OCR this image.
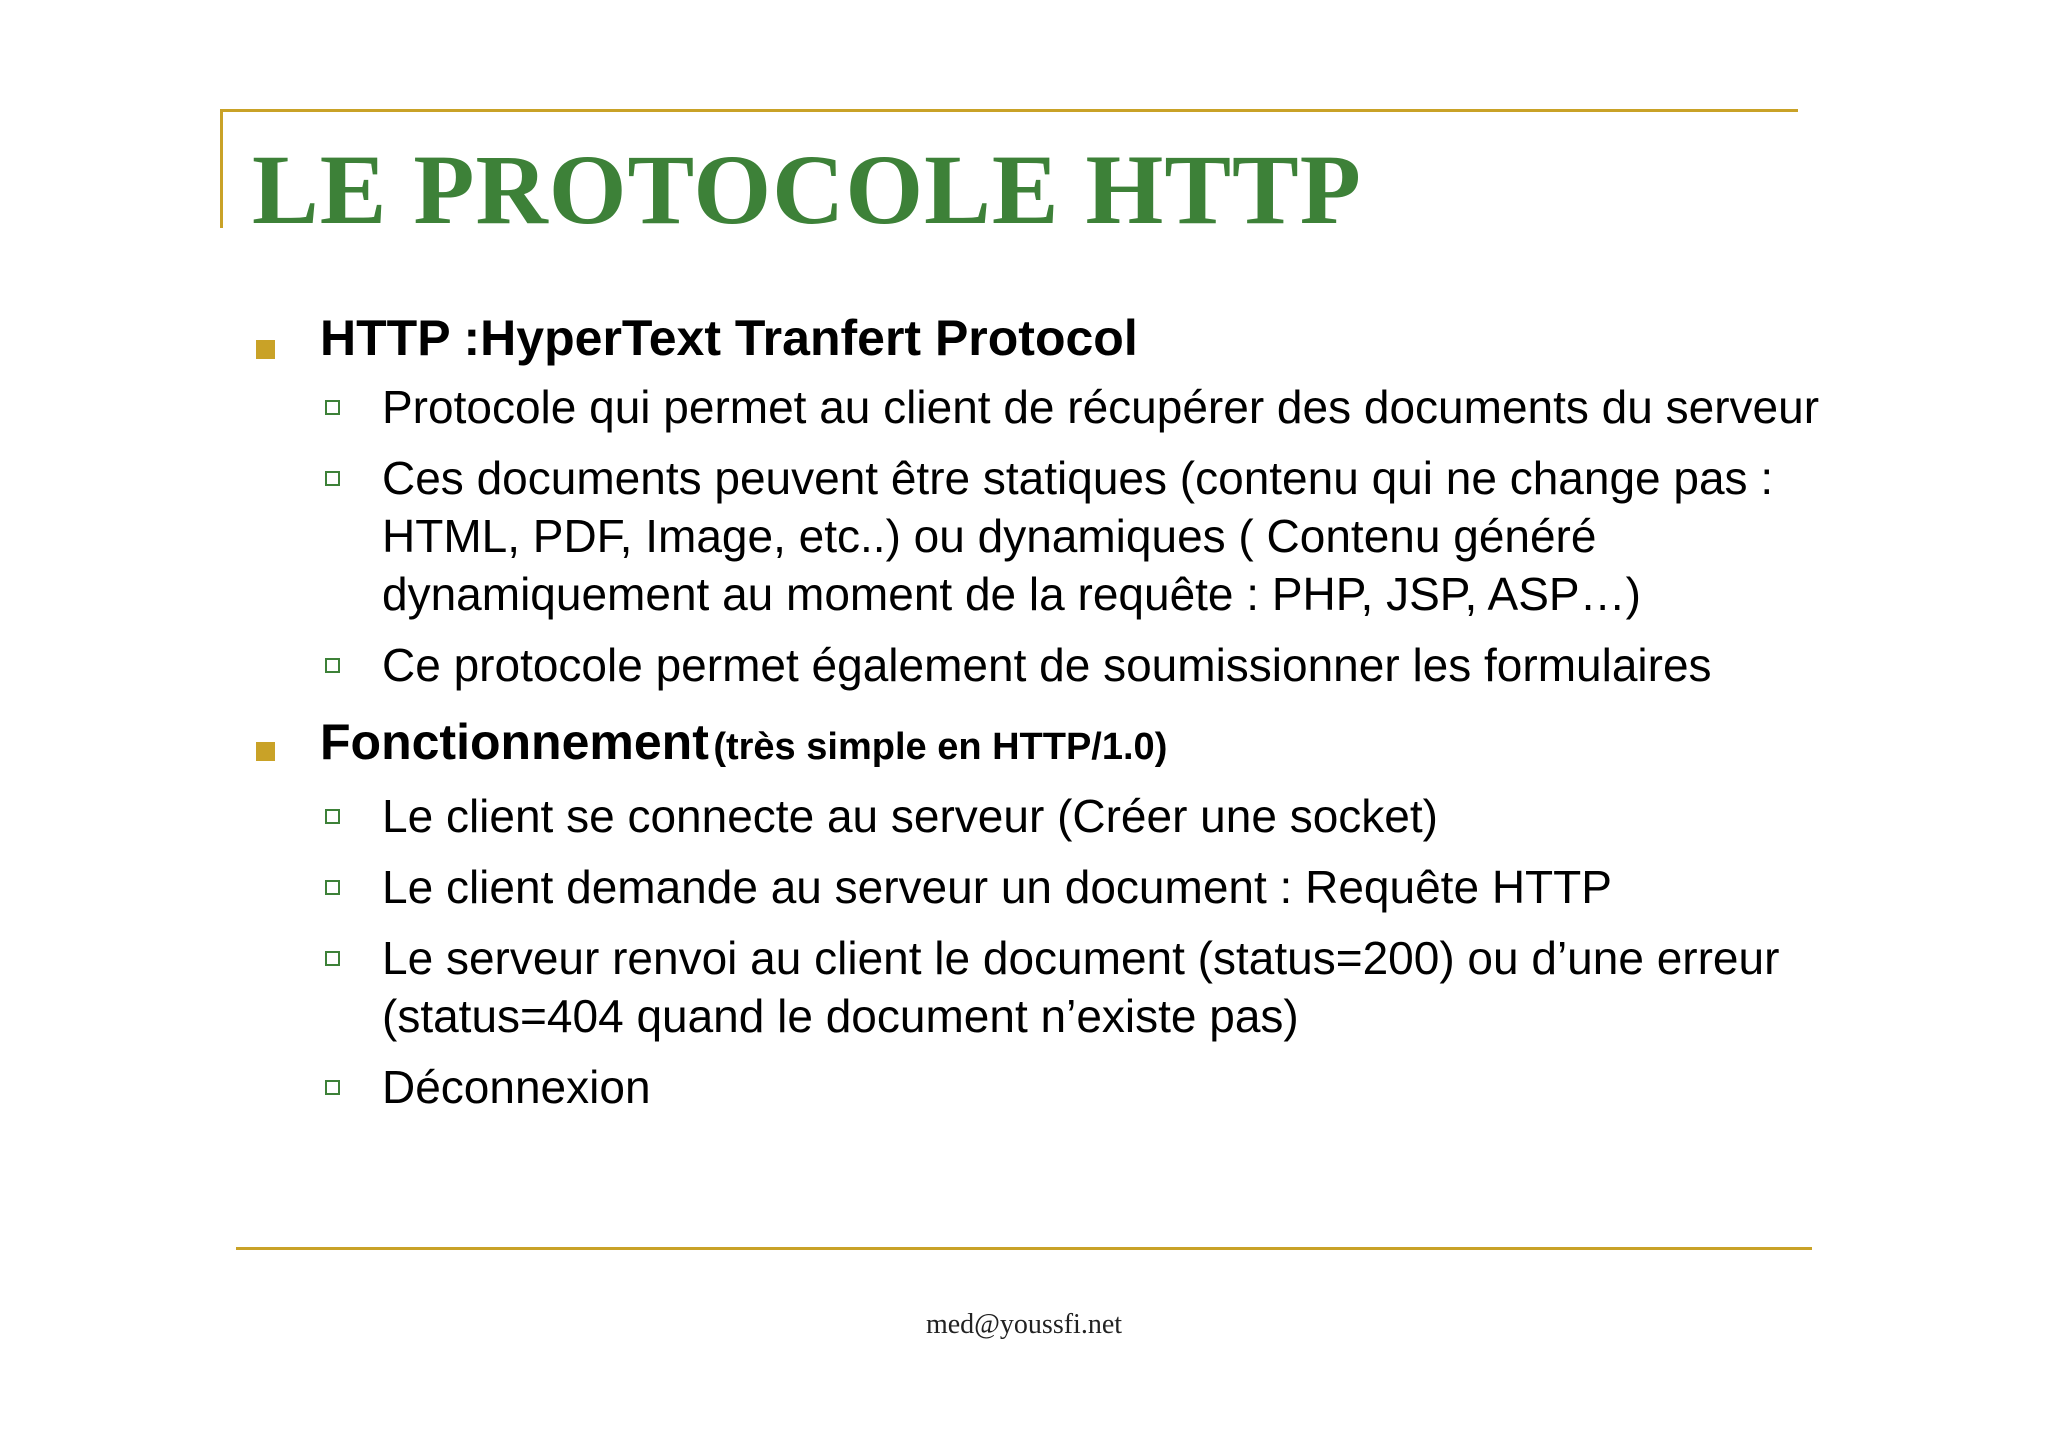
LE PROTOCOLE HTTP
HTTP :HyperText Tranfert Protocol
Protocole qui permet au client de récupérer des documents du serveur
Ces documents peuvent être statiques (contenu qui ne change pas : HTML, PDF, Image, etc..) ou dynamiques ( Contenu généré dynamiquement au moment de la requête : PHP, JSP, ASP…)
Ce protocole permet également de soumissionner les formulaires
Fonctionnement (très simple en HTTP/1.0)
Le client se connecte au serveur (Créer une socket)
Le client demande au serveur un document : Requête HTTP
Le serveur renvoi au client le document (status=200) ou d’une erreur (status=404 quand le document n’existe pas)
Déconnexion
med@youssfi.net
